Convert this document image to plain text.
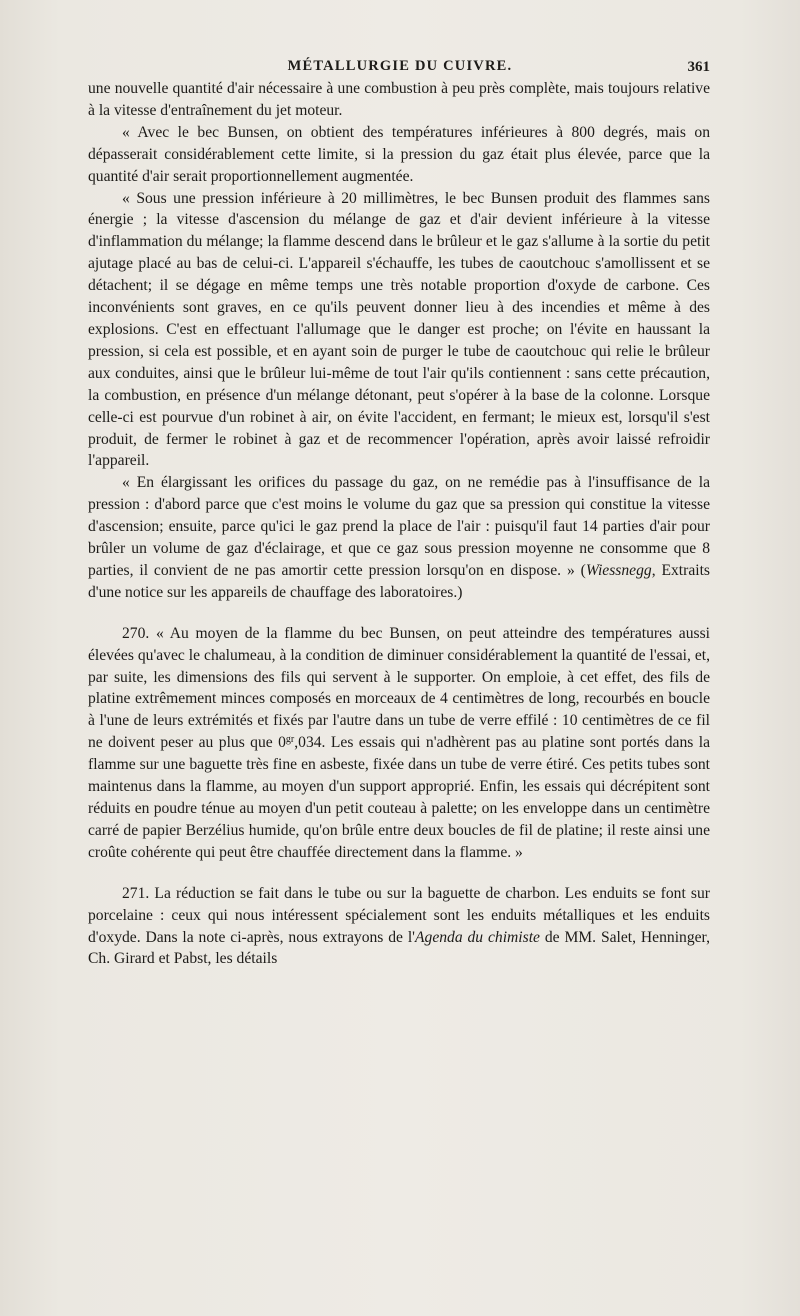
MÉTALLURGIE DU CUIVRE.	361

une nouvelle quantité d'air nécessaire à une combustion à peu près complète, mais toujours relative à la vitesse d'entraînement du jet moteur.

« Avec le bec Bunsen, on obtient des températures inférieures à 800 degrés, mais on dépasserait considérablement cette limite, si la pression du gaz était plus élevée, parce que la quantité d'air serait proportionnellement augmentée.

« Sous une pression inférieure à 20 millimètres, le bec Bunsen produit des flammes sans énergie ; la vitesse d'ascension du mélange de gaz et d'air devient inférieure à la vitesse d'inflammation du mélange; la flamme descend dans le brûleur et le gaz s'allume à la sortie du petit ajutage placé au bas de celui-ci. L'appareil s'échauffe, les tubes de caoutchouc s'amollissent et se détachent; il se dégage en même temps une très notable proportion d'oxyde de carbone. Ces inconvénients sont graves, en ce qu'ils peuvent donner lieu à des incendies et même à des explosions. C'est en effectuant l'allumage que le danger est proche; on l'évite en haussant la pression, si cela est possible, et en ayant soin de purger le tube de caoutchouc qui relie le brûleur aux conduites, ainsi que le brûleur lui-même de tout l'air qu'ils contiennent : sans cette précaution, la combustion, en présence d'un mélange détonant, peut s'opérer à la base de la colonne. Lorsque celle-ci est pourvue d'un robinet à air, on évite l'accident, en fermant; le mieux est, lorsqu'il s'est produit, de fermer le robinet à gaz et de recommencer l'opération, après avoir laissé refroidir l'appareil.

« En élargissant les orifices du passage du gaz, on ne remédie pas à l'insuffisance de la pression : d'abord parce que c'est moins le volume du gaz que sa pression qui constitue la vitesse d'ascension; ensuite, parce qu'ici le gaz prend la place de l'air : puisqu'il faut 14 parties d'air pour brûler un volume de gaz d'éclairage, et que ce gaz sous pression moyenne ne consomme que 8 parties, il convient de ne pas amortir cette pression lorsqu'on en dispose. » (Wiessnegg, Extraits d'une notice sur les appareils de chauffage des laboratoires.)

270. « Au moyen de la flamme du bec Bunsen, on peut atteindre des températures aussi élevées qu'avec le chalumeau, à la condition de diminuer considérablement la quantité de l'essai, et, par suite, les dimensions des fils qui servent à le supporter. On emploie, à cet effet, des fils de platine extrêmement minces composés en morceaux de 4 centimètres de long, recourbés en boucle à l'une de leurs extrémités et fixés par l'autre dans un tube de verre effilé : 10 centimètres de ce fil ne doivent peser au plus que $0^{gr},034$. Les essais qui n'adhèrent pas au platine sont portés dans la flamme sur une baguette très fine en asbeste, fixée dans un tube de verre étiré. Ces petits tubes sont maintenus dans la flamme, au moyen d'un support approprié. Enfin, les essais qui décrépitent sont réduits en poudre ténue au moyen d'un petit couteau à palette; on les enveloppe dans un centimètre carré de papier Berzélius humide, qu'on brûle entre deux boucles de fil de platine; il reste ainsi une croûte cohérente qui peut être chauffée directement dans la flamme. »

271. La réduction se fait dans le tube ou sur la baguette de charbon. Les enduits se font sur porcelaine : ceux qui nous intéressent spécialement sont les enduits métalliques et les enduits d'oxyde. Dans la note ci-après, nous extrayons de l'Agenda du chimiste de MM. Salet, Henninger, Ch. Girard et Pabst, les détails
